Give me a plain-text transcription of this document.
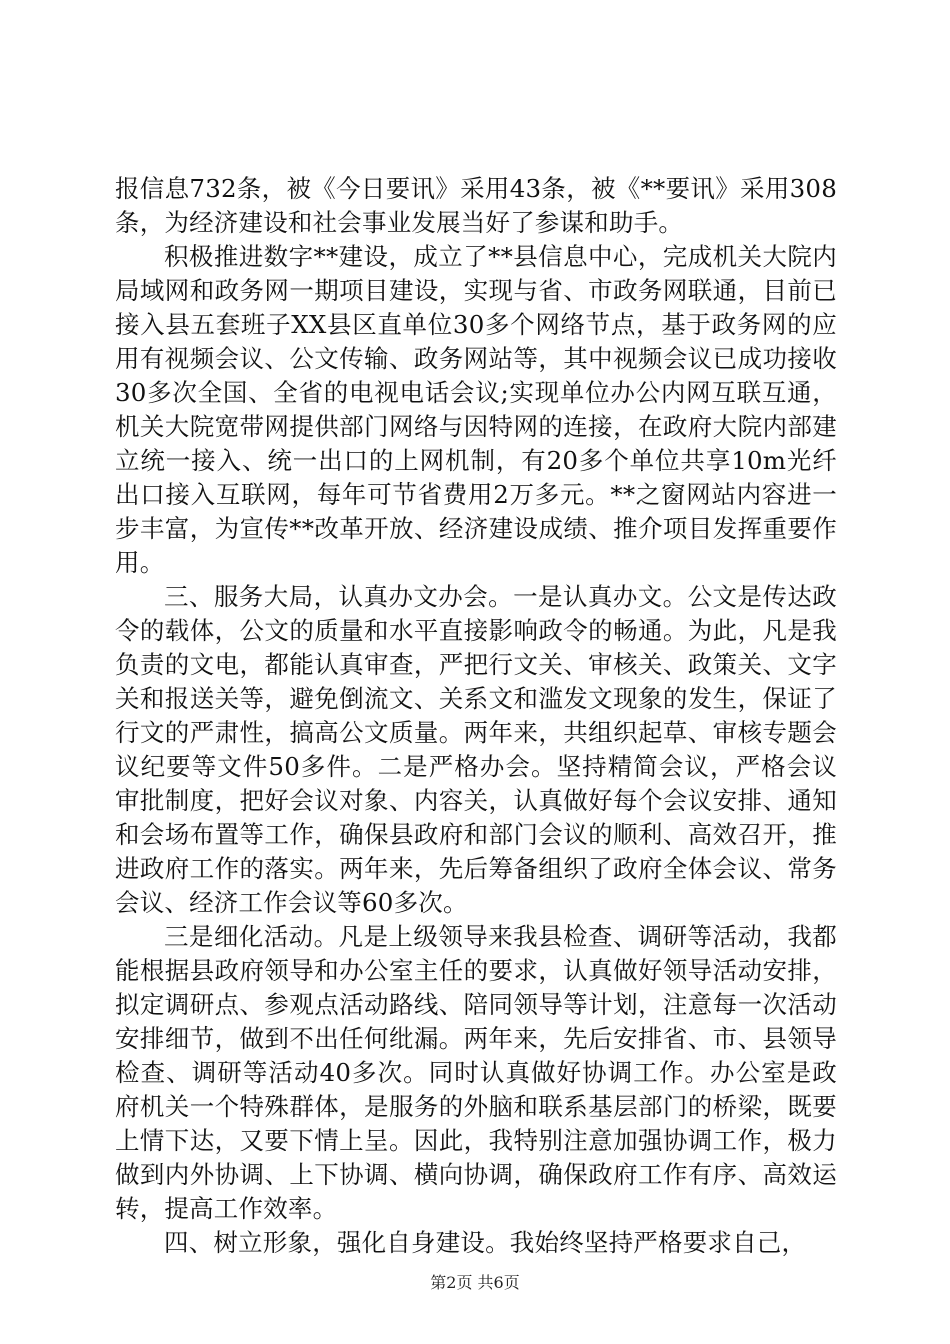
报信息732条，被《今日要讯》采用43条，被《**要讯》采用308条，为经济建设和社会事业发展当好了参谋和助手。

积极推进数字**建设，成立了**县信息中心，完成机关大院内局域网和政务网一期项目建设，实现与省、市政务网联通，目前已接入县五套班子XX县区直单位30多个网络节点，基于政务网的应用有视频会议、公文传输、政务网站等，其中视频会议已成功接收30多次全国、全省的电视电话会议;实现单位办公内网互联互通，机关大院宽带网提供部门网络与因特网的连接，在政府大院内部建立统一接入、统一出口的上网机制，有20多个单位共享10m光纤出口接入互联网，每年可节省费用2万多元。**之窗网站内容进一步丰富，为宣传**改革开放、经济建设成绩、推介项目发挥重要作用。

三、服务大局，认真办文办会。一是认真办文。公文是传达政令的载体，公文的质量和水平直接影响政令的畅通。为此，凡是我负责的文电，都能认真审查，严把行文关、审核关、政策关、文字关和报送关等，避免倒流文、关系文和滥发文现象的发生，保证了行文的严肃性，搞高公文质量。两年来，共组织起草、审核专题会议纪要等文件50多件。二是严格办会。坚持精简会议，严格会议审批制度，把好会议对象、内容关，认真做好每个会议安排、通知和会场布置等工作，确保县政府和部门会议的顺利、高效召开，推进政府工作的落实。两年来，先后筹备组织了政府全体会议、常务会议、经济工作会议等60多次。

三是细化活动。凡是上级领导来我县检查、调研等活动，我都能根据县政府领导和办公室主任的要求，认真做好领导活动安排，拟定调研点、参观点活动路线、陪同领导等计划，注意每一次活动安排细节，做到不出任何纰漏。两年来，先后安排省、市、县领导检查、调研等活动40多次。同时认真做好协调工作。办公室是政府机关一个特殊群体，是服务的外脑和联系基层部门的桥梁，既要上情下达，又要下情上呈。因此，我特别注意加强协调工作，极力做到内外协调、上下协调、横向协调，确保政府工作有序、高效运转，提高工作效率。

四、树立形象，强化自身建设。我始终坚持严格要求自己，

第2页 共6页
